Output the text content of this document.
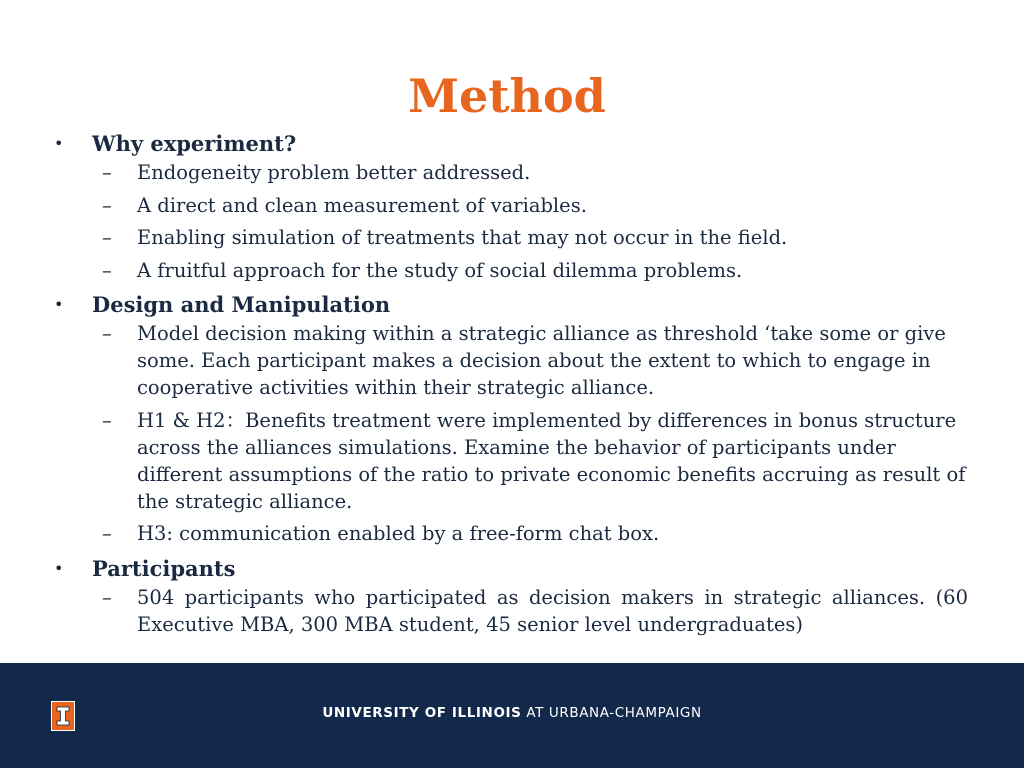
Method

• Why experiment?

– Endogeneity problem better addressed.

– A direct and clean measurement of variables.

– Enabling simulation of treatments that may not occur in the field.

– A fruitful approach for the study of social dilemma problems.

• Design and Manipulation

– Model decision making within a strategic alliance as threshold ‘take some or give some. Each participant makes a decision about the extent to which to engage in cooperative activities within their strategic alliance.

– H1 & H2：Benefits treatment were implemented by differences in bonus structure across the alliances simulations. Examine the behavior of participants under different assumptions of the ratio to private economic benefits accruing as result of the strategic alliance.

– H3: communication enabled by a free-form chat box.

• Participants

– 504 participants who participated as decision makers in strategic alliances. (60 Executive MBA, 300 MBA student, 45 senior level undergraduates)

UNIVERSITY OF ILLINOIS AT URBANA-CHAMPAIGN
